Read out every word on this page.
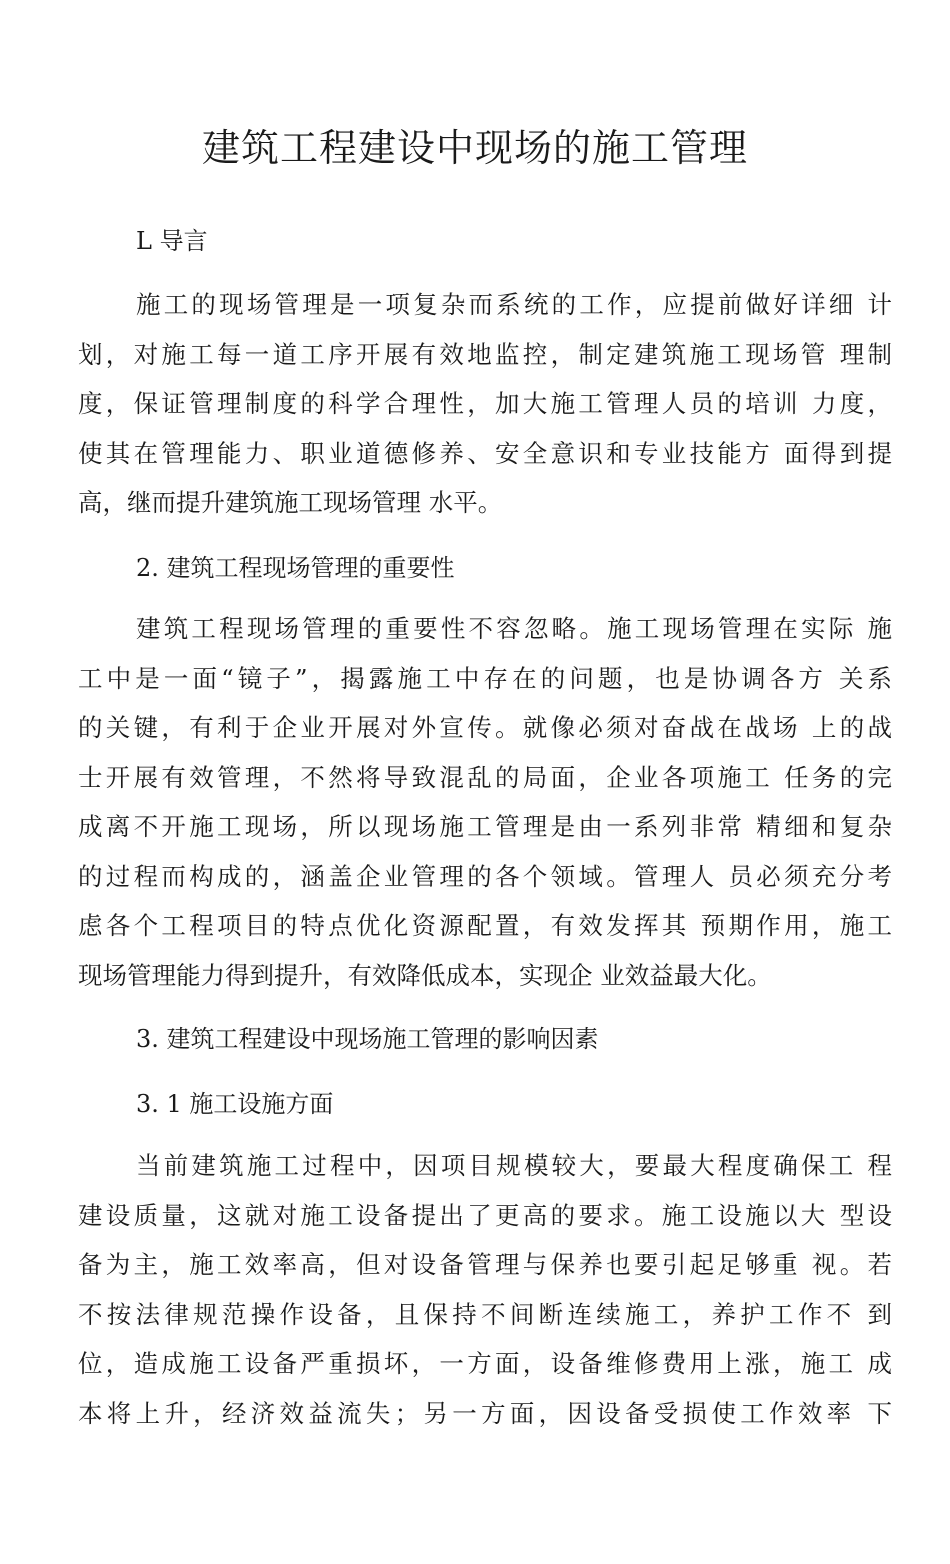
建筑工程建设中现场的施工管理
L 导言
施工的现场管理是一项复杂而系统的工作，应提前做好详细 计
划，对施工每一道工序开展有效地监控，制定建筑施工现场管 理制
度，保证管理制度的科学合理性，加大施工管理人员的培训 力度，
使其在管理能力、职业道德修养、安全意识和专业技能方 面得到提
高，继而提升建筑施工现场管理 水平。
2. 建筑工程现场管理的重要性
建筑工程现场管理的重要性不容忽略。施工现场管理在实际 施
工中是一面“镜子”，揭露施工中存在的问题，也是协调各方 关系
的关键，有利于企业开展对外宣传。就像必须对奋战在战场 上的战
士开展有效管理，不然将导致混乱的局面，企业各项施工 任务的完
成离不开施工现场，所以现场施工管理是由一系列非常 精细和复杂
的过程而构成的，涵盖企业管理的各个领域。管理人 员必须充分考
虑各个工程项目的特点优化资源配置，有效发挥其 预期作用，施工
现场管理能力得到提升，有效降低成本，实现企 业效益最大化。
3. 建筑工程建设中现场施工管理的影响因素
3. 1 施工设施方面
当前建筑施工过程中，因项目规模较大，要最大程度确保工 程
建设质量，这就对施工设备提出了更高的要求。施工设施以大 型设
备为主，施工效率高，但对设备管理与保养也要引起足够重 视。若
不按法律规范操作设备，且保持不间断连续施工，养护工作不 到
位，造成施工设备严重损坏，一方面，设备维修费用上涨，施工 成
本将上升，经济效益流失；另一方面，因设备受损使工作效率 下
